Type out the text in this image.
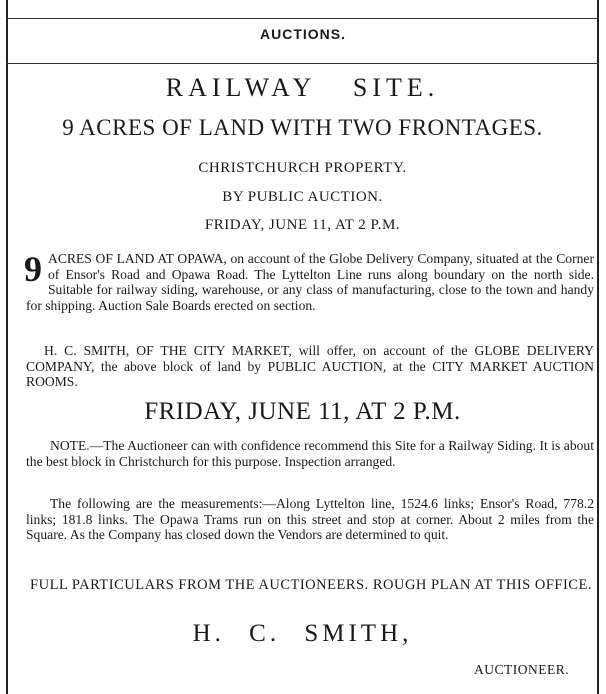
AUCTIONS.
RAILWAY SITE.
9 ACRES OF LAND WITH TWO FRONTAGES.
CHRISTCHURCH PROPERTY.
BY PUBLIC AUCTION.
FRIDAY, JUNE 11, AT 2 P.M.
9 ACRES OF LAND AT OPAWA, on account of the Globe Delivery Company, situated at the Corner of Ensor's Road and Opawa Road. The Lyttelton Line runs along boundary on the north side. Suitable for railway siding, warehouse, or any class of manufacturing, close to the town and handy for shipping. Auction Sale Boards erected on section.
H. C. SMITH, OF THE CITY MARKET, will offer, on account of the GLOBE DELIVERY COMPANY, the above block of land by PUBLIC AUCTION, at the CITY MARKET AUCTION ROOMS.
FRIDAY, JUNE 11, AT 2 P.M.
NOTE.—The Auctioneer can with confidence recommend this Site for a Railway Siding. It is about the best block in Christchurch for this purpose. Inspection arranged.
The following are the measurements:—Along Lyttelton line, 1524.6 links; Ensor's Road, 778.2 links; 181.8 links. The Opawa Trams run on this street and stop at corner. About 2 miles from the Square. As the Company has closed down the Vendors are determined to quit.
FULL PARTICULARS FROM THE AUCTIONEERS. ROUGH PLAN AT THIS OFFICE.
H. C. SMITH,
AUCTIONEER.
